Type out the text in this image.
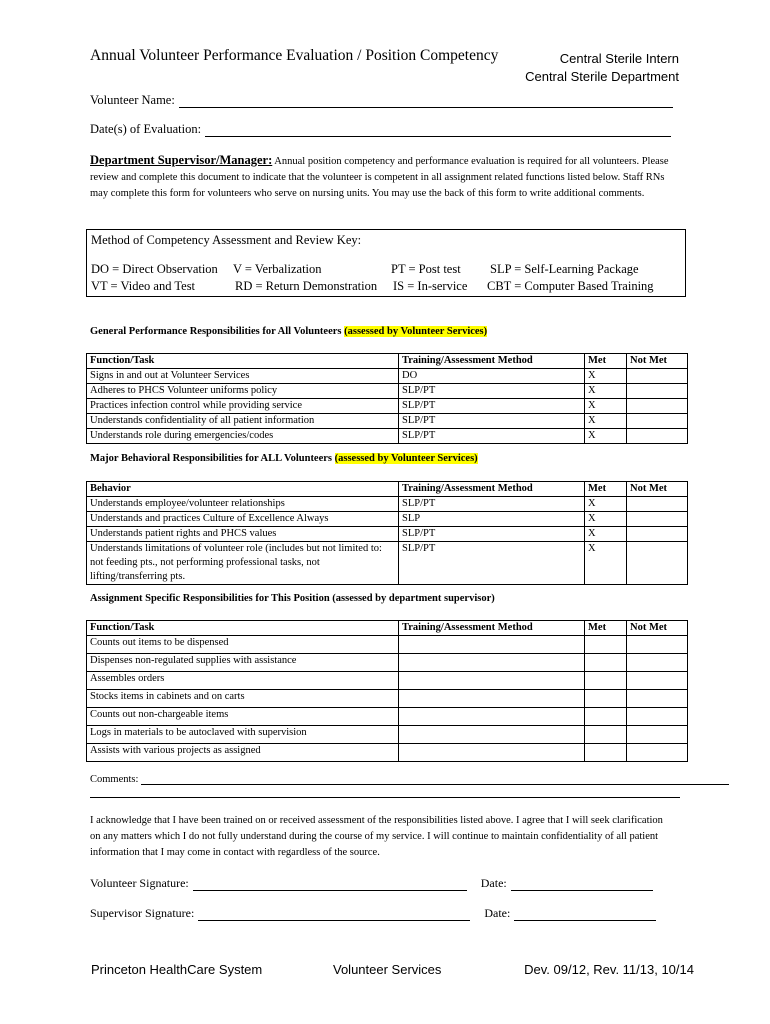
Annual Volunteer Performance Evaluation / Position Competency	Central Sterile Intern
Central Sterile Department
Volunteer Name:
Date(s) of Evaluation:
Department Supervisor/Manager: Annual position competency and performance evaluation is required for all volunteers. Please review and complete this document to indicate that the volunteer is competent in all assignment related functions listed below. Staff RNs may complete this form for volunteers who serve on nursing units. You may use the back of this form to write additional comments.
Method of Competency Assessment and Review Key:
DO = Direct Observation V = Verbalization	PT = Post test SLP = Self-Learning Package
VT = Video and Test	RD = Return Demonstration IS = In-service CBT = Computer Based Training
General Performance Responsibilities for All Volunteers (assessed by Volunteer Services)
Function/Task	Training/Assessment Method	Met	Not Met
Signs in and out at Volunteer Services	DO	X	
Adheres to PHCS Volunteer uniforms policy	SLP/PT	X	
Practices infection control while providing service	SLP/PT	X	
Understands confidentiality of all patient information	SLP/PT	X	
Understands role during emergencies/codes	SLP/PT	X	
Major Behavioral Responsibilities for ALL Volunteers (assessed by Volunteer Services)
Behavior	Training/Assessment Method	Met	Not Met
Understands employee/volunteer relationships	SLP/PT	X	
Understands and practices Culture of Excellence Always	SLP	X	
Understands patient rights and PHCS values	SLP/PT	X	
Understands limitations of volunteer role (includes but not limited to: not feeding pts., not performing professional tasks, not lifting/transferring pts.	SLP/PT	X	
Assignment Specific Responsibilities for This Position (assessed by department supervisor)
Function/Task	Training/Assessment Method	Met	Not Met
Counts out items to be dispensed			
Dispenses non-regulated supplies with assistance			
Assembles orders			
Stocks items in cabinets and on carts			
Counts out non-chargeable items			
Logs in materials to be autoclaved with supervision			
Assists with various projects as assigned			
Comments:
I acknowledge that I have been trained on or received assessment of the responsibilities listed above. I agree that I will seek clarification on any matters which I do not fully understand during the course of my service. I will continue to maintain confidentiality of all patient information that I may come in contact with regardless of the source.
Volunteer Signature:	Date:
Supervisor Signature:	Date:
Princeton HealthCare System	Volunteer Services	Dev. 09/12, Rev. 11/13, 10/14
